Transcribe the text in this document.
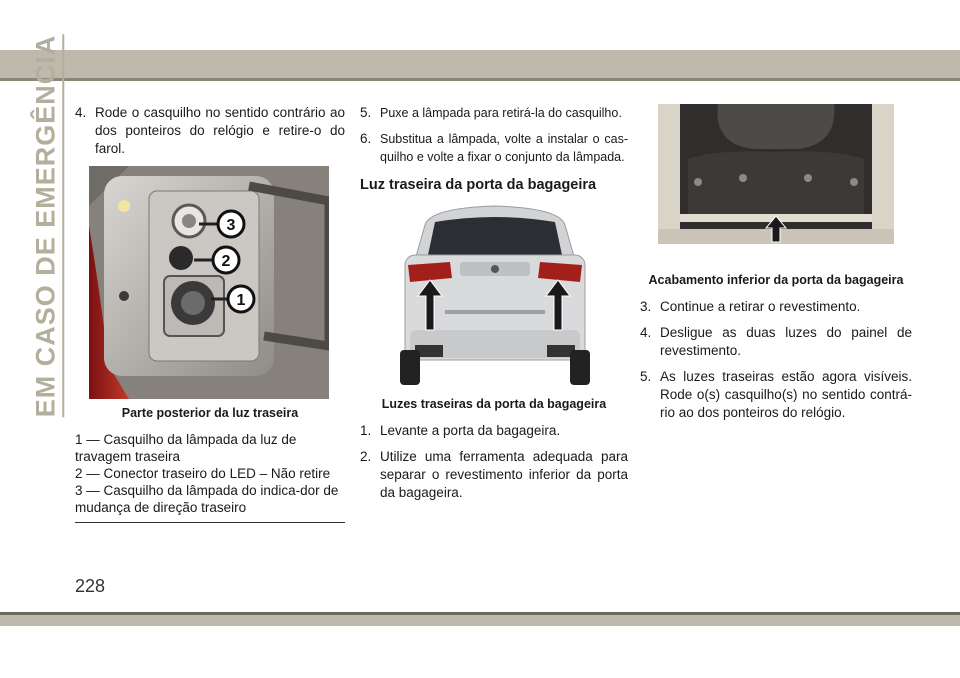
EM CASO DE EMERGÊNCIA 4. Rode o casquilho no sentido contrário ao dos ponteiros do relógio e retire-o do farol.
3
2
1
Parte posterior da luz traseira
1 — Casquilho da lâmpada da luz de travagem traseira
2 — Conector traseiro do LED – Não retire
3 — Casquilho da lâmpada do indica-dor de mudança de direção traseiro
5. Puxe a lâmpada para retirá-la do casquilho.
6. Substitua a lâmpada, volte a instalar o cas-quilho e volte a fixar o conjunto da lâmpada.
Luz traseira da porta da bagageira
Luzes traseiras da porta da bagageira
1. Levante a porta da bagageira.
2. Utilize uma ferramenta adequada para separar o revestimento inferior da porta da bagageira.
Acabamento inferior da porta da bagageira
3. Continue a retirar o revestimento.
4. Desligue as duas luzes do painel de revestimento.
5. As luzes traseiras estão agora visíveis. Rode o(s) casquilho(s) no sentido contrá-rio ao dos ponteiros do relógio.
228
